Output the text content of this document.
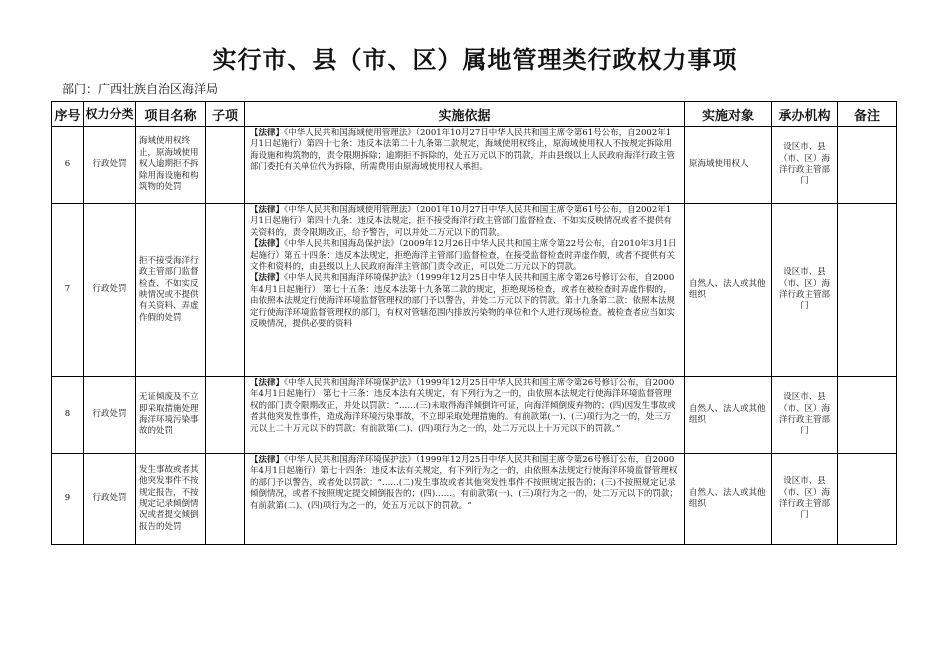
实行市、县（市、区）属地管理类行政权力事项
部门：广西壮族自治区海洋局
序号	权力分类	项目名称	子项	实施依据	实施对象	承办机构	备注
6	行政处罚	海域使用权终止，原海域使用权人逾期拒不拆除用海设施和构筑物的处罚		【法律】《中华人民共和国海域使用管理法》（2001年10月27日中华人民共和国主席令第61号公布，自2002年1月1日起施行）第四十七条：违反本法第二十九条第二款规定，海域使用权终止，原海域使用权人不按规定拆除用海设施和构筑物的，责令限期拆除；逾期拒不拆除的，处五万元以下的罚款，并由县级以上人民政府海洋行政主管部门委托有关单位代为拆除，所需费用由原海域使用权人承担。	原海域使用权人	设区市、县（市、区）海洋行政主管部门	
7	行政处罚	拒不接受海洋行政主管部门监督检查、不如实反映情况或不提供有关资料、弄虚作假的处罚		【法律】《中华人民共和国海域使用管理法》（2001年10月27日中华人民共和国主席令第61号公布，自2002年1月1日起施行）第四十九条：违反本法规定，拒不接受海洋行政主管部门监督检查、不如实反映情况或者不提供有关资料的，责令限期改正，给予警告，可以并处二万元以下的罚款。

【法律】《中华人民共和国海岛保护法》（2009年12月26日中华人民共和国主席令第22号公布，自2010年3月1日起施行）第五十四条：违反本法规定，拒绝海洋主管部门监督检查，在接受监督检查时弄虚作假，或者不提供有关文件和资料的，由县级以上人民政府海洋主管部门责令改正，可以处二万元以下的罚款。

【法律】《中华人民共和国海洋环境保护法》（1999年12月25日中华人民共和国主席令第26号修订公布，自2000年4月1日起施行） 第七十五条：违反本法第十九条第二款的规定，拒绝现场检查，或者在被检查时弄虚作假的，由依照本法规定行使海洋环境监督管理权的部门予以警告，并处二万元以下的罚款。第十九条第二款：依照本法规定行使海洋环境监督管理权的部门，有权对管辖范围内排放污染物的单位和个人进行现场检查。被检查者应当如实反映情况，提供必要的资料	自然人、法人或其他组织	设区市、县（市、区）海洋行政主管部门	
8	行政处罚	无证倾废及不立即采取措施处理海洋环境污染事故的处罚		【法律】《中华人民共和国海洋环境保护法》（1999年12月25日中华人民共和国主席令第26号修订公布，自2000年4月1日起施行） 第七十三条：违反本法有关规定，有下列行为之一的，由依照本法规定行使海洋环境监督管理权的部门责令限期改正，并处以罚款：“……(三)未取得海洋倾倒许可证，向海洋倾倒废弃物的；(四)因发生事故或者其他突发性事件，造成海洋环境污染事故，不立即采取处理措施的。有前款第(一)、(三)项行为之一的，处三万元以上二十万元以下的罚款；有前款第(二)、(四)项行为之一的，处二万元以上十万元以下的罚款。”	自然人、法人或其他组织	设区市、县（市、区）海洋行政主管部门	
9	行政处罚	发生事故或者其他突发事件不按规定报告，不按规定记录倾倒情况或者提交倾倒报告的处罚		【法律】《中华人民共和国海洋环境保护法》（1999年12月25日中华人民共和国主席令第26号修订公布，自2000年4月1日起施行）第七十四条：违反本法有关规定，有下列行为之一的，由依照本法规定行使海洋环境监督管理权的部门予以警告，或者处以罚款：“……(二)发生事故或者其他突发性事件不按照规定报告的；(三)不按照规定记录倾倒情况，或者不按照规定提交倾倒报告的；(四)……。有前款第(一)、(三)项行为之一的，处二万元以下的罚款；有前款第(二)、(四)项行为之一的，处五万元以下的罚款。“	自然人、法人或其他组织	设区市、县（市、区）海洋行政主管部门	
